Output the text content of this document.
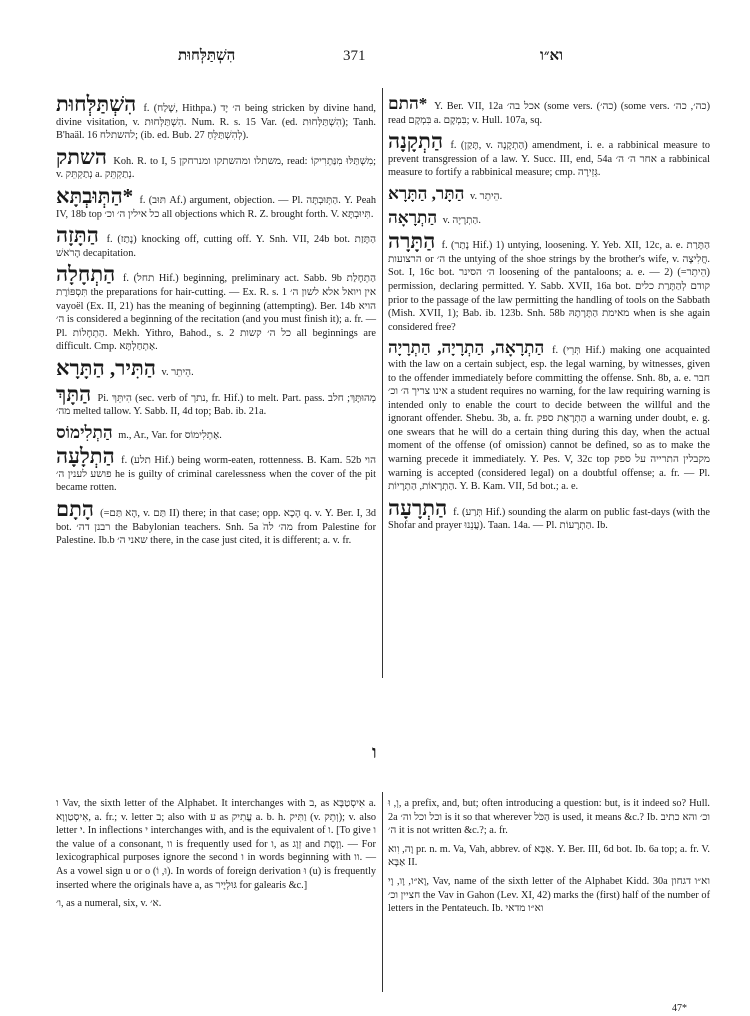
הִשְׁתַּלְּחוּת	371	וא״ו
הִשְׁתַּלְּחוּת f. (שָׁלַח, Hithpa.) ה׳ יָד being stricken by divine hand, divine visitation, v. הִשְׁתַּלְּחוּת. Num. R. s. 15 Var. (ed. הִשְׁתַּלְּחוּת); Tanh. B'haäl. 16 להשתלח; (ib. ed. Bub. 27 לְהִשְׁתַּלֵּחַ).
השתק Koh. R. to I, 5 משתלו ומהשתקו ומנרחקן, read: מִשְׁתַּלּוּ מִנַּתְרִיקוֹ; v. נְתַקְתֵּק a. נְתַקְתֵּק.
*הַתְּוּבְתָּא f. (תּוּב Af.) argument, objection. — Pl. הַתְּוּבְתָּה. Y. Peah IV, 18b top כל אילין ה׳ וכ׳ all objections which R. Z. brought forth. V. תִּיוּבְתָּא.
הַתָּזָה f. (נָתַז) knocking off, cutting off. Y. Snh. VII, 24b bot. הַתָּזַת הָרֹאשׁ decapitation.
הַתְחָלָה f. (תחל Hif.) beginning, preliminary act. Sabb. 9b הַתְחָלַת תִּסְפּוֹרֶת the preparations for hair-cutting. — Ex. R. s. 1 אין ויואל אלא לשון ה׳ vayoël (Ex. II, 21) has the meaning of beginning (attempting). Ber. 14b הויא ה׳ is considered a beginning of the recitation (and you must finish it); a. fr. — Pl. הַתְחָלוֹת. Mekh. Yithro, Bahod., s. 2 כל ה׳ קשות all beginnings are difficult. Cmp. אַתְחַלְתָּא.
הַתִּיר, הַתָּרָא v. הֵיתֵר.
הַתָּךְ Pi. הִיתֵּךְ (sec. verb of נתך, fr. Hif.) to melt. Part. pass. מְהוּתָּךְ; חלב מה׳ melted tallow. Y. Sabb. II, 4d top; Bab. ib. 21a.
הַתְלִימוֹס m., Ar., Var. for אַתְלִימוֹס.
הַתְלָעָה f. (תלע Hif.) being worm-eaten, rottenness. B. Kam. 52b הוי פושע לענין ה׳ he is guilty of criminal carelessness when the cover of the pit became rotten.
הָתָם (=הָא תַּם, v. תַּם II) there; in that case; opp. הָכָא q. v. Y. Ber. I, 3d bot. רבנן דה׳ the Babylonian teachers. Snh. 5a מה׳ להׂ from Palestine for Palestine. Ib.b שאני ה׳ there, in the case just cited, it is different; a. v. fr.
*התם Y. Ber. VII, 12a אכל בה׳ (some vers. (כה׳) (some vers. כה׳, כה׳) read בִּמְקָם a. בִּמְקָם; v. Hull. 107a, sq.
הַתְקָנָה f. (תָּקַן, v. הַתְקָנָה) amendment, i. e. a rabbinical measure to prevent transgression of a law. Y. Succ. III, end, 54a אחר ה׳ ה׳ a rabbinical measure to fortify a rabbinical measure; cmp. גְּזֵירָה.
הַתָּר, הַתָּרָא v. הֵיתֵר.
הַתְרָאָה v. הַתְרָיָה.
הַתָּרָה f. (נָתַר Hif.) 1) untying, loosening. Y. Yeb. XII, 12c, a. e. הַתָּרַת הרצועות or ה׳ the untying of the shoe strings by the brother's wife, v. חֲלִיצָה. Sot. I, 16c bot. ה׳ הסינר loosening of the pantaloons; a. e. — 2) (=הֵיתֵר) permission, declaring permitted. Y. Sabb. XVII, 16a bot. קודם לְהַתָּרַת כלים prior to the passage of the law permitting the handling of tools on the Sabbath (Mish. XVII, 1); Bab. ib. 123b. Snh. 58b מאימת הַתָּרָתָהּ when is she again considered free?
הַתְרָאָה, הַתְרָיָה, הַתְרָיָה f. (תְּרֵי Hif.) making one acquainted with the law on a certain subject, esp. the legal warning, by witnesses, given to the offender immediately before committing the offense. Snh. 8b, a. e. חבר אינו צריך ה׳ וכ׳ a student requires no warning, for the law requiring warning is intended only to enable the court to decide between the willful and the ignorant offender. Shebu. 3b, a. fr. הַתְרָאַת ספק a warning under doubt, e. g. one swears that he will do a certain thing during this day, when the actual moment of the offense (of omission) cannot be defined, so as to make the warning precede it immediately. Y. Pes. V, 32c top מקבלין התרייה על ספק warning is accepted (considered legal) on a doubtful offense; a. fr. — Pl. הַתְרָאוֹת, הַתְרָיוֹת. Y. B. Kam. VII, 5d bot.; a. e.
הַתְרָעָה f. (תְּרַע Hif.) sounding the alarm on public fast-days (with the Shofar and prayer עֲנֵנוּ). Taan. 14a. — Pl. הַתְרָעוֹת. Ib.
ו
ו Vav, the sixth letter of the Alphabet. It interchanges with ב, as אִיסְטַבָּא a. אִיסְטַוְוָא, a. fr.; v. letter ב; also with ע as עֲתִיק a. b. h. וַתִּיק (v. וְתֵק); v. also letter י. In inflections י interchanges with, and is the equivalent of ו. [To give ו the value of a consonant, וו is frequently used for ו, as זְוָג and וְוֶסֶת. — For lexicographical purposes ignore the second ו in words beginning with וו. — As a vowel sign u or o (וּ, וֹ). In words of foreign derivation וּ (u) is frequently inserted where the originals have a, as גּוּלְיָיר for galearis &c.]
ו׳, as a numeral, six, v. א׳.
וְ, וּ, a prefix, and, but; often introducing a question: but, is it indeed so? Hull. 2a וכל וכל וה׳ is it so that wherever הַכֹּל is used, it means &c.? Ib. וכ׳ והא כתיב ה׳ it is not written &c.?; a. fr.
וָה, וִוא pr. n. m. Va, Vah, abbrev. of אַבָּא. Y. Ber. III, 6d bot. Ib. 6a top; a. fr. V. אַבָּא II.
וָא״ו, וָו, וָי, Vav, name of the sixth letter of the Alphabet Kidd. 30a וא״ו דגחון חציין וכ׳ the Vav in Gahon (Lev. XI, 42) marks the (first) half of the number of letters in the Pentateuch. Ib. וא״ו מדאי
47*
